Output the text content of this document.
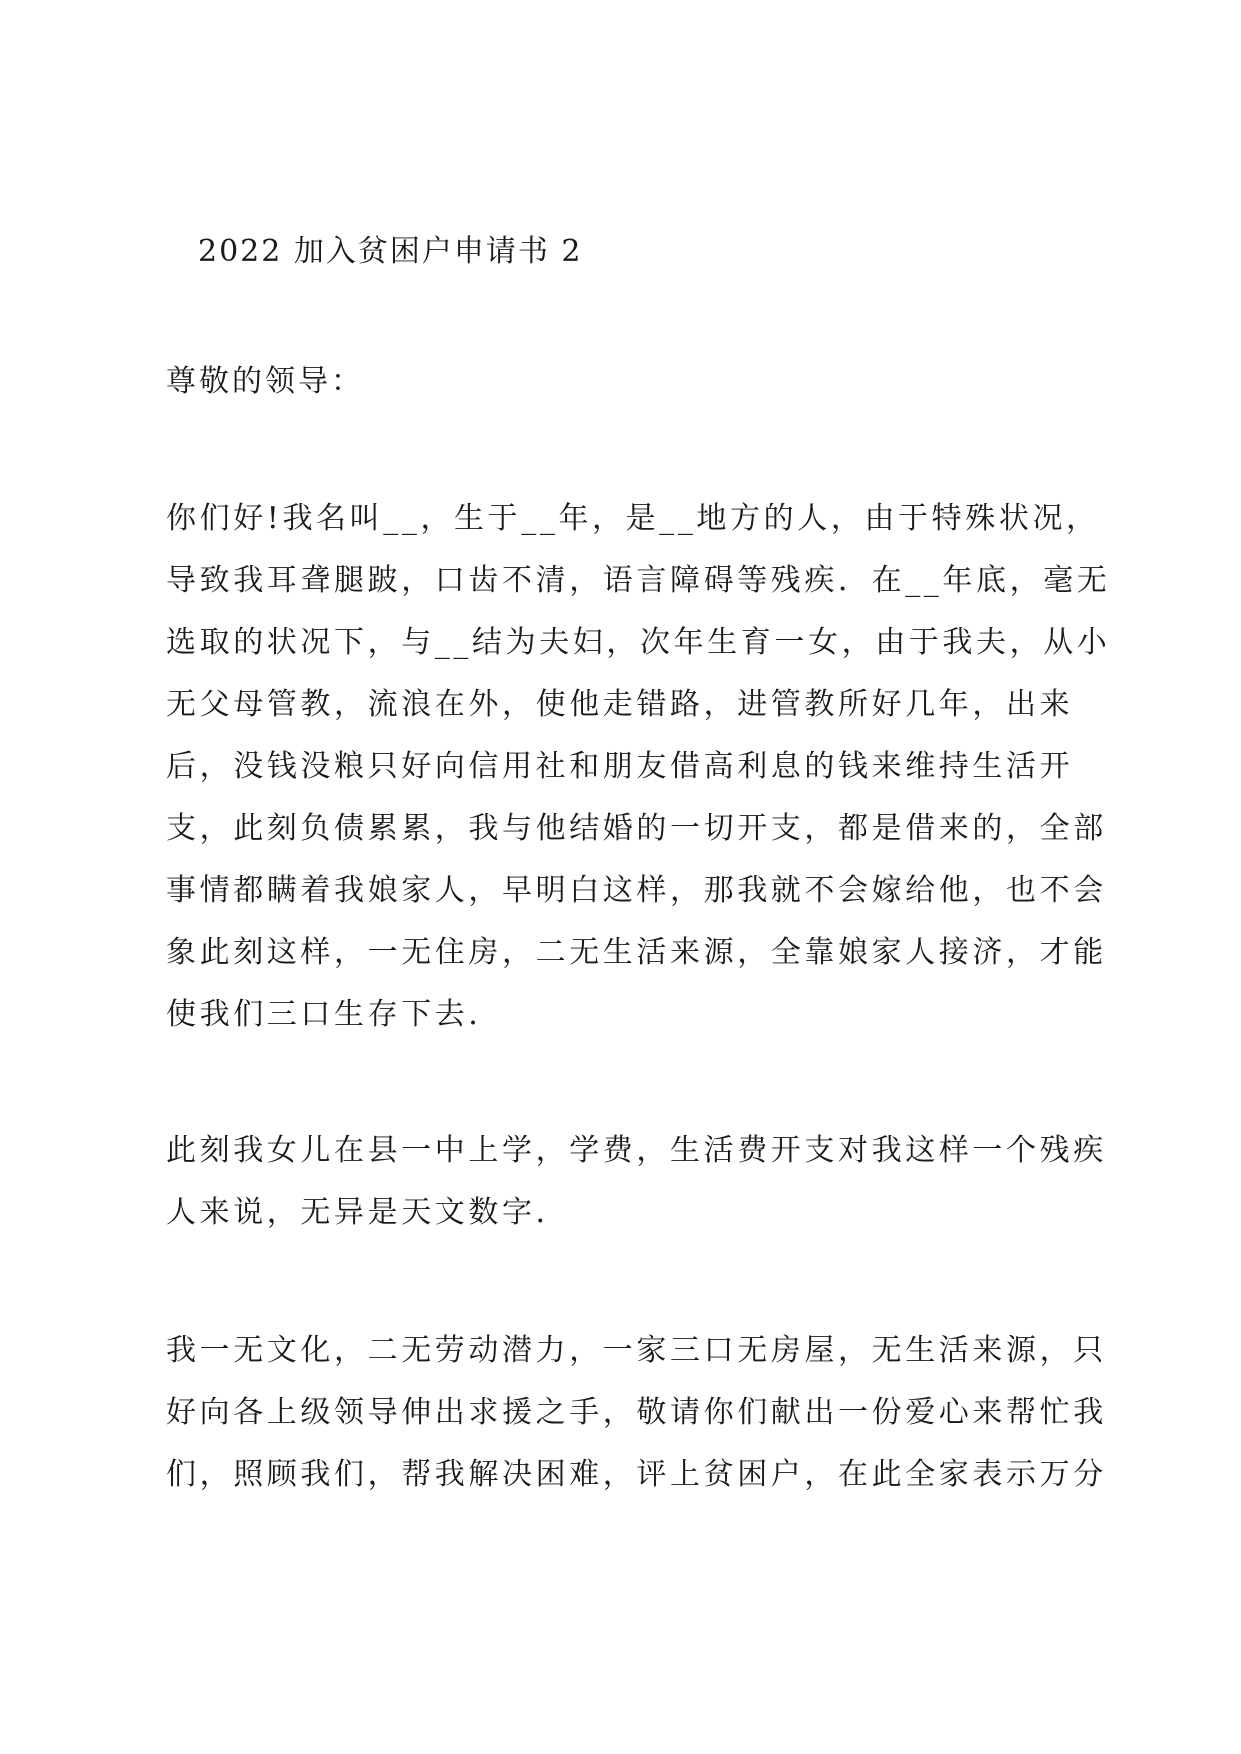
2022 加入贫困户申请书 2
尊敬的领导：
你们好!我名叫__，生于__年，是__地方的人，由于特殊状况，
导致我耳聋腿跛，口齿不清，语言障碍等残疾．在__年底，毫无
选取的状况下，与__结为夫妇，次年生育一女，由于我夫，从小
无父母管教，流浪在外，使他走错路，进管教所好几年，出来
后，没钱没粮只好向信用社和朋友借高利息的钱来维持生活开
支，此刻负债累累，我与他结婚的一切开支，都是借来的，全部
事情都瞒着我娘家人，早明白这样，那我就不会嫁给他，也不会
象此刻这样，一无住房，二无生活来源，全靠娘家人接济，才能
使我们三口生存下去．
此刻我女儿在县一中上学，学费，生活费开支对我这样一个残疾
人来说，无异是天文数字．
我一无文化，二无劳动潜力，一家三口无房屋，无生活来源，只
好向各上级领导伸出求援之手，敬请你们献出一份爱心来帮忙我
们，照顾我们，帮我解决困难，评上贫困户，在此全家表示万分
